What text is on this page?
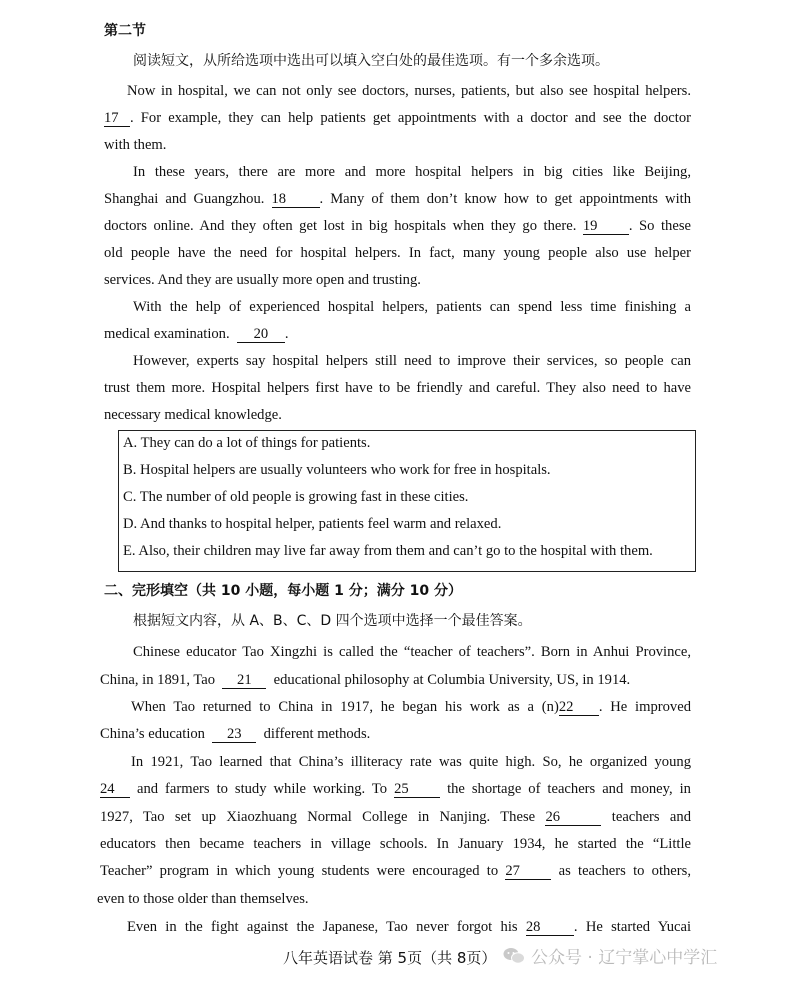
第二节
阅读短文，从所给选项中选出可以填入空白处的最佳选项。有一个多余选项。
Now in hospital, we can not only see doctors, nurses, patients, but also see hospital helpers.
17 . For example, they can help patients get appointments with a doctor and see the doctor
with them.
In these years, there are more and more hospital helpers in big cities like Beijing,
Shanghai and Guangzhou. 18 . Many of them don’t know how to get appointments with
doctors online. And they often get lost in big hospitals when they go there. 19 . So these
old people have the need for hospital helpers. In fact, many young people also use helper
services. And they are usually more open and trusting.
With the help of experienced hospital helpers, patients can spend less time finishing a
medical examination. 20 .
However, experts say hospital helpers still need to improve their services, so people can
trust them more. Hospital helpers first have to be friendly and careful. They also need to have
necessary medical knowledge.
A. They can do a lot of things for patients.
B. Hospital helpers are usually volunteers who work for free in hospitals.
C. The number of old people is growing fast in these cities.
D. And thanks to hospital helper, patients feel warm and relaxed.
E. Also, their children may live far away from them and can’t go to the hospital with them.
二、完形填空（共 10 小题，每小题 1 分；满分 10 分）
根据短文内容，从 A、B、C、D 四个选项中选择一个最佳答案。
Chinese educator Tao Xingzhi is called the “teacher of teachers”. Born in Anhui Province,
China, in 1891, Tao 21 educational philosophy at Columbia University, US, in 1914.
When Tao returned to China in 1917, he began his work as a (n)22 . He improved
China’s education 23 different methods.
In 1921, Tao learned that China’s illiteracy rate was quite high. So, he organized young
24 and farmers to study while working. To 25	the shortage of teachers and money, in
1927, Tao set up Xiaozhuang Normal College in Nanjing. These 26	teachers and
educators then became teachers in village schools. In January 1934, he started the “Little
Teacher” program in which young students were encouraged to 27	as teachers to others,
even to those older than themselves.
Even in the fight against the Japanese, Tao never forgot his 28 . He started Yucai
八年英语试卷 第 5页（共 8页） 公众号 · 辽宁掌心中学汇
